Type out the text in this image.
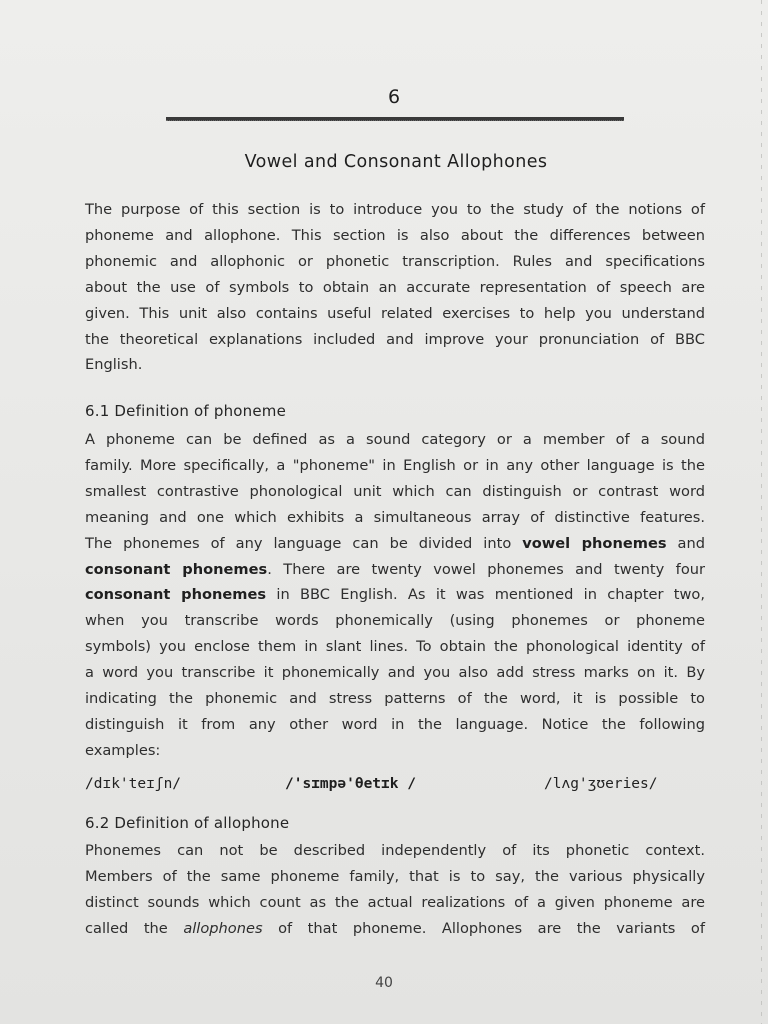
6
Vowel and Consonant Allophones

The purpose of this section is to introduce you to the study of the notions of
phoneme and allophone. This section is also about the differences between
phonemic and allophonic or phonetic transcription. Rules and specifications
about the use of symbols to obtain an accurate representation of speech are
given. This unit also contains useful related exercises to help you understand
the theoretical explanations included and improve your pronunciation of BBC
English.

6.1 Definition of phoneme

A phoneme can be defined as a sound category or a member of a sound
family. More specifically, a "phoneme" in English or in any other language is the
smallest contrastive phonological unit which can distinguish or contrast word
meaning and one which exhibits a simultaneous array of distinctive features.
The phonemes of any language can be divided into vowel phonemes and
consonant phonemes. There are twenty vowel phonemes and twenty four
consonant phonemes in BBC English. As it was mentioned in chapter two,
when you transcribe words phonemically (using phonemes or phoneme
symbols) you enclose them in slant lines. To obtain the phonological identity of
a word you transcribe it phonemically and you also add stress marks on it. By
indicating the phonemic and stress patterns of the word, it is possible to
distinguish it from any other word in the language. Notice the following
examples:

/dɪk'teɪʃn/	/'sɪmpə'θetɪk /	/lʌg'ʒʊeries/
6.2 Definition of allophone

Phonemes can not be described independently of its phonetic context.
Members of the same phoneme family, that is to say, the various physically
distinct sounds which count as the actual realizations of a given phoneme are
called the allophones of that phoneme. Allophones are the variants of

40
